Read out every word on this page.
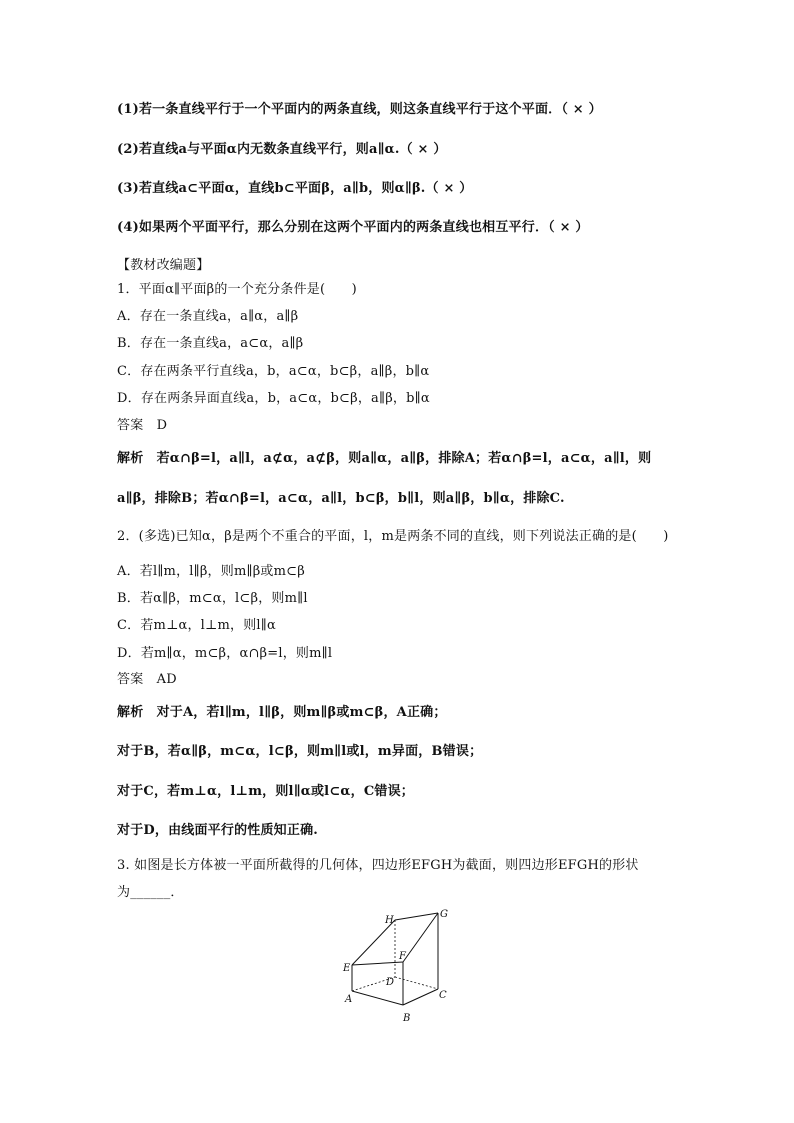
(1)若一条直线平行于一个平面内的两条直线，则这条直线平行于这个平面．（ × ）
(2)若直线a与平面α内无数条直线平行，则a∥α.（ × ）
(3)若直线a⊂平面α，直线b⊂平面β，a∥b，则α∥β.（ × ）
(4)如果两个平面平行，那么分别在这两个平面内的两条直线也相互平行．（ × ）
【教材改编题】
1．平面α∥平面β的一个充分条件是(　　)
A．存在一条直线a，a∥α，a∥β
B．存在一条直线a，a⊂α，a∥β
C．存在两条平行直线a，b，a⊂α，b⊂β，a∥β，b∥α
D．存在两条异面直线a，b，a⊂α，b⊂β，a∥β，b∥α
答案　D
解析　若α∩β=l，a∥l，a⊄α，a⊄β，则a∥α，a∥β，排除A；若α∩β=l，a⊂α，a∥l，则
a∥β，排除B；若α∩β=l，a⊂α，a∥l，b⊂β，b∥l，则a∥β，b∥α，排除C.
2．(多选)已知α，β是两个不重合的平面，l，m是两条不同的直线，则下列说法正确的是(　　)
A．若l∥m，l∥β，则m∥β或m⊂β
B．若α∥β，m⊂α，l⊂β，则m∥l
C．若m⊥α，l⊥m，则l∥α
D．若m∥α，m⊂β，α∩β=l，则m∥l
答案　AD
解析　对于A，若l∥m，l∥β，则m∥β或m⊂β，A正确；
对于B，若α∥β，m⊂α，l⊂β，则m∥l或l，m异面，B错误；
对于C，若m⊥α，l⊥m，则l∥α或l⊂α，C错误；
对于D，由线面平行的性质知正确.
3. 如图是长方体被一平面所截得的几何体，四边形EFGH为截面，则四边形EFGH的形状
为______．
H
G
F
E
D
A	C
B
